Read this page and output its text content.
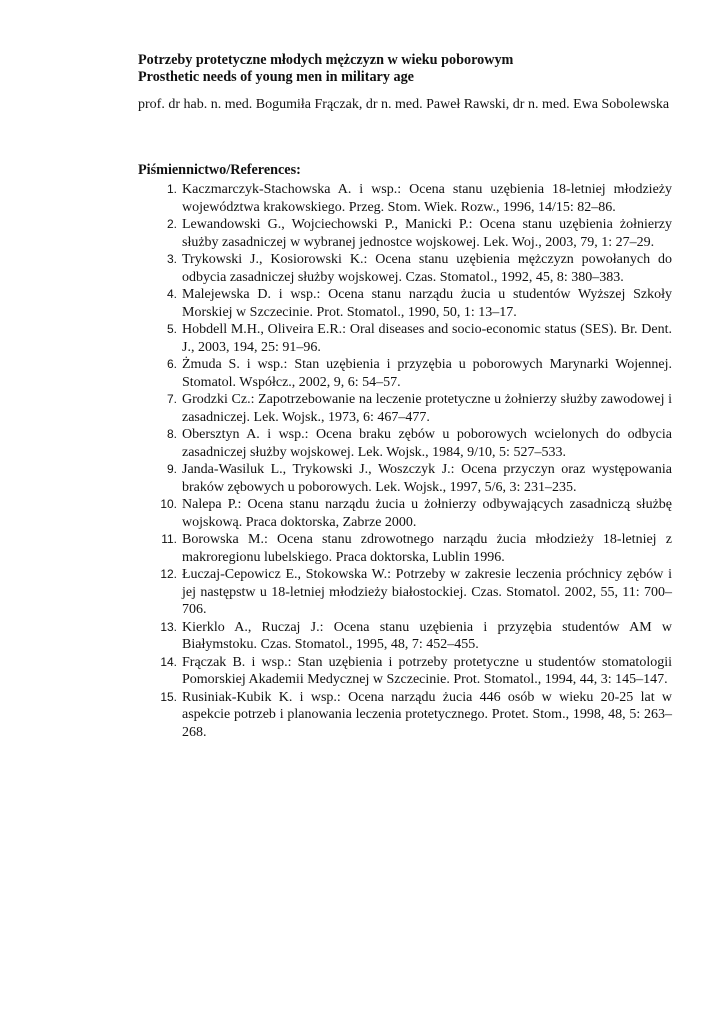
Potrzeby protetyczne młodych mężczyzn w wieku poborowym
Prosthetic needs of young men in military age
prof. dr hab. n. med. Bogumiła Frączak, dr n. med. Paweł Rawski, dr n. med. Ewa Sobolewska
Piśmiennictwo/References:
1. Kaczmarczyk-Stachowska A. i wsp.: Ocena stanu uzębienia 18-letniej młodzieży województwa krakowskiego. Przeg. Stom. Wiek. Rozw., 1996, 14/15: 82–86.
2. Lewandowski G., Wojciechowski P., Manicki P.: Ocena stanu uzębienia żołnierzy służby zasadniczej w wybranej jednostce wojskowej. Lek. Woj., 2003, 79, 1: 27–29.
3. Trykowski J., Kosiorowski K.: Ocena stanu uzębienia mężczyzn powołanych do odbycia zasadniczej służby wojskowej. Czas. Stomatol., 1992, 45, 8: 380–383.
4. Malejewska D. i wsp.: Ocena stanu narządu żucia u studentów Wyższej Szkoły Morskiej w Szczecinie. Prot. Stomatol., 1990, 50, 1: 13–17.
5. Hobdell M.H., Oliveira E.R.: Oral diseases and socio-economic status (SES). Br. Dent. J., 2003, 194, 25: 91–96.
6. Żmuda S. i wsp.: Stan uzębienia i przyzębia u poborowych Marynarki Wojennej. Stomatol. Współcz., 2002, 9, 6: 54–57.
7. Grodzki Cz.: Zapotrzebowanie na leczenie protetyczne u żołnierzy służby zawodowej i zasadniczej. Lek. Wojsk., 1973, 6: 467–477.
8. Obersztyn A. i wsp.: Ocena braku zębów u poborowych wcielonych do odbycia zasadniczej służby wojskowej. Lek. Wojsk., 1984, 9/10, 5: 527–533.
9. Janda-Wasiluk L., Trykowski J., Woszczyk J.: Ocena przyczyn oraz występowania braków zębowych u poborowych. Lek. Wojsk., 1997, 5/6, 3: 231–235.
10. Nalepa P.: Ocena stanu narządu żucia u żołnierzy odbywających zasadniczą służbę wojskową. Praca doktorska, Zabrze 2000.
11. Borowska M.: Ocena stanu zdrowotnego narządu żucia młodzieży 18-letniej z makroregionu lubelskiego. Praca doktorska, Lublin 1996.
12. Łuczaj-Cepowicz E., Stokowska W.: Potrzeby w zakresie leczenia próchnicy zębów i jej następstw u 18-letniej młodzieży białostockiej. Czas. Stomatol. 2002, 55, 11: 700–706.
13. Kierklo A., Ruczaj J.: Ocena stanu uzębienia i przyzębia studentów AM w Białymstoku. Czas. Stomatol., 1995, 48, 7: 452–455.
14. Frączak B. i wsp.: Stan uzębienia i potrzeby protetyczne u studentów stomatologii Pomorskiej Akademii Medycznej w Szczecinie. Prot. Stomatol., 1994, 44, 3: 145–147.
15. Rusiniak-Kubik K. i wsp.: Ocena narządu żucia 446 osób w wieku 20-25 lat w aspekcie potrzeb i planowania leczenia protetycznego. Protet. Stom., 1998, 48, 5: 263–268.
